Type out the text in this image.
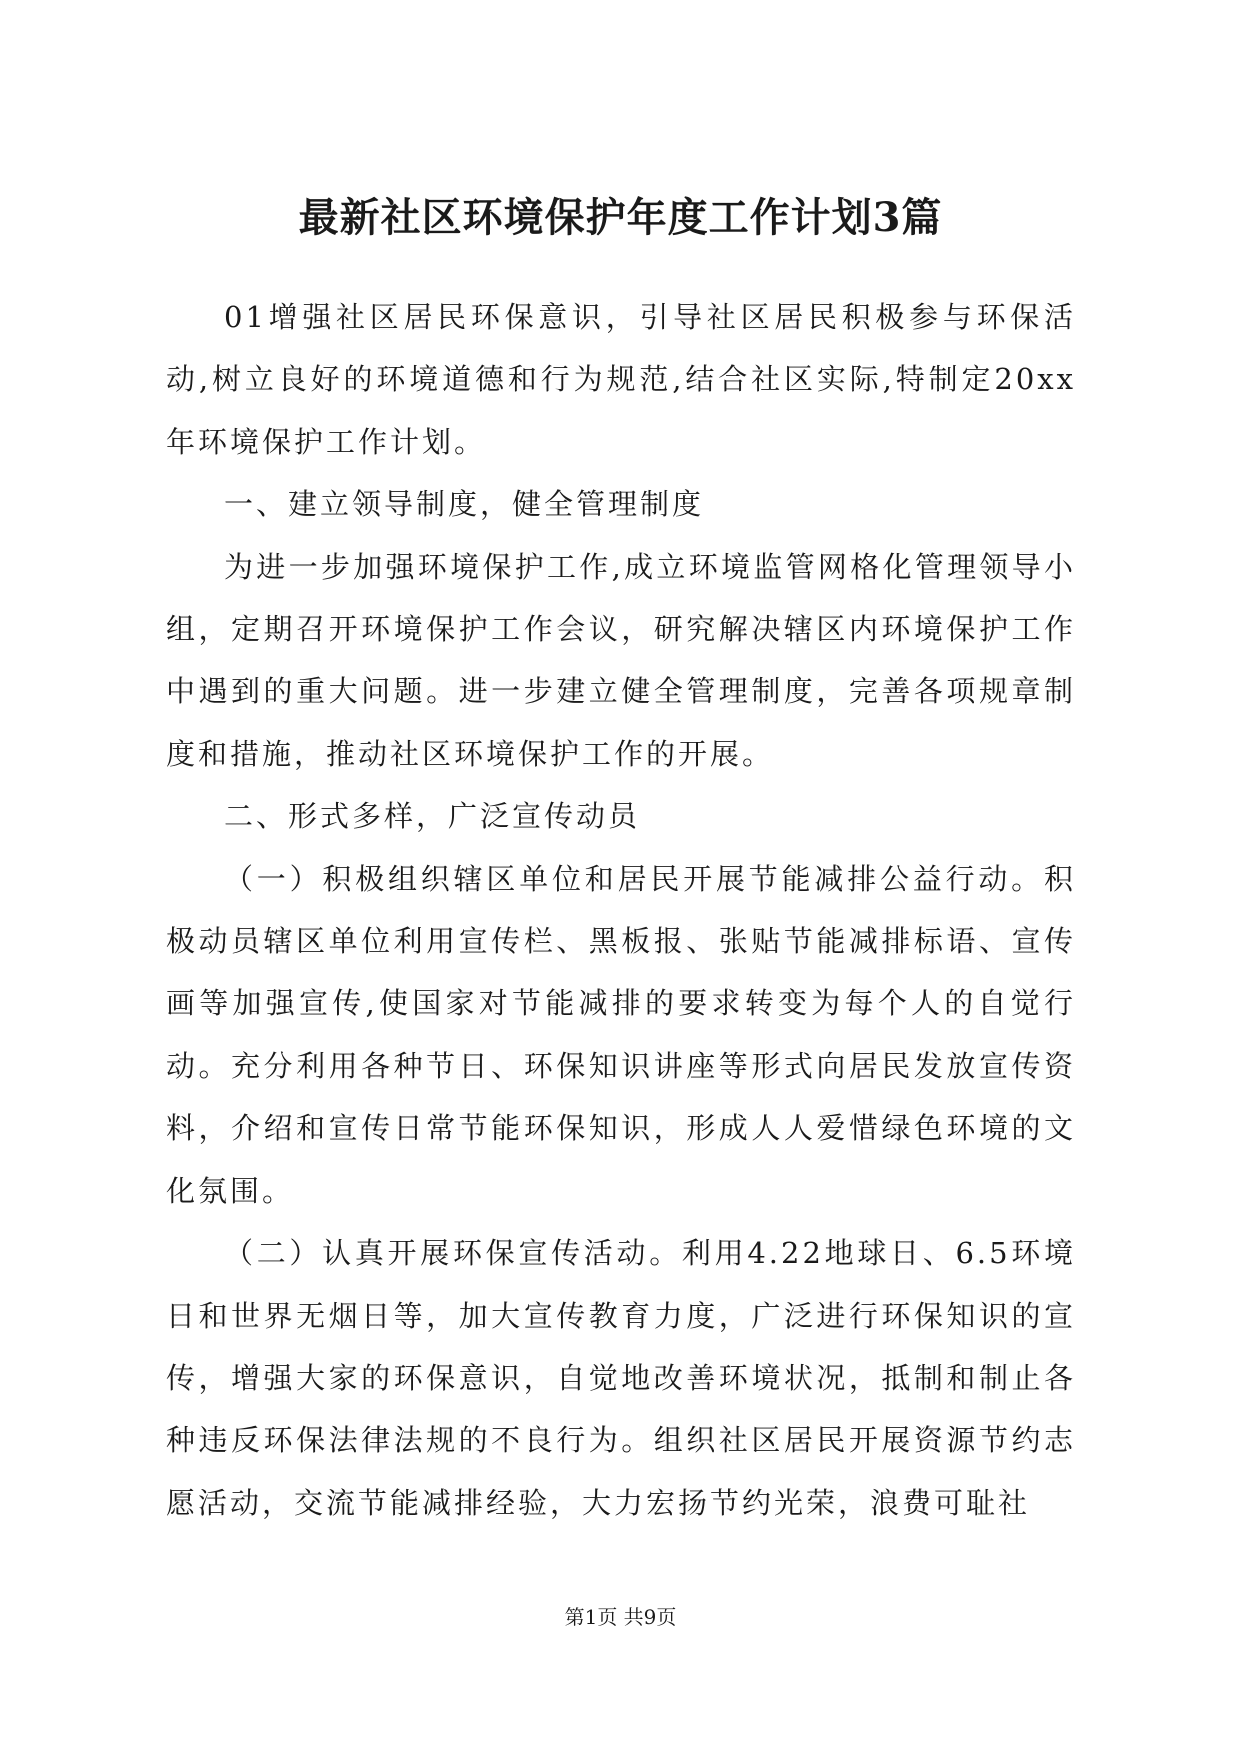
最新社区环境保护年度工作计划3篇

01增强社区居民环保意识，引导社区居民积极参与环保活动,树立良好的环境道德和行为规范,结合社区实际,特制定20xx年环境保护工作计划。

一、建立领导制度，健全管理制度

为进一步加强环境保护工作,成立环境监管网格化管理领导小组，定期召开环境保护工作会议，研究解决辖区内环境保护工作中遇到的重大问题。进一步建立健全管理制度，完善各项规章制度和措施，推动社区环境保护工作的开展。

二、形式多样，广泛宣传动员

（一）积极组织辖区单位和居民开展节能减排公益行动。积极动员辖区单位利用宣传栏、黑板报、张贴节能减排标语、宣传画等加强宣传,使国家对节能减排的要求转变为每个人的自觉行动。充分利用各种节日、环保知识讲座等形式向居民发放宣传资料，介绍和宣传日常节能环保知识，形成人人爱惜绿色环境的文化氛围。

（二）认真开展环保宣传活动。利用4.22地球日、6.5环境日和世界无烟日等，加大宣传教育力度，广泛进行环保知识的宣传，增强大家的环保意识，自觉地改善环境状况，抵制和制止各种违反环保法律法规的不良行为。组织社区居民开展资源节约志愿活动，交流节能减排经验，大力宏扬节约光荣，浪费可耻社

第1页 共9页
